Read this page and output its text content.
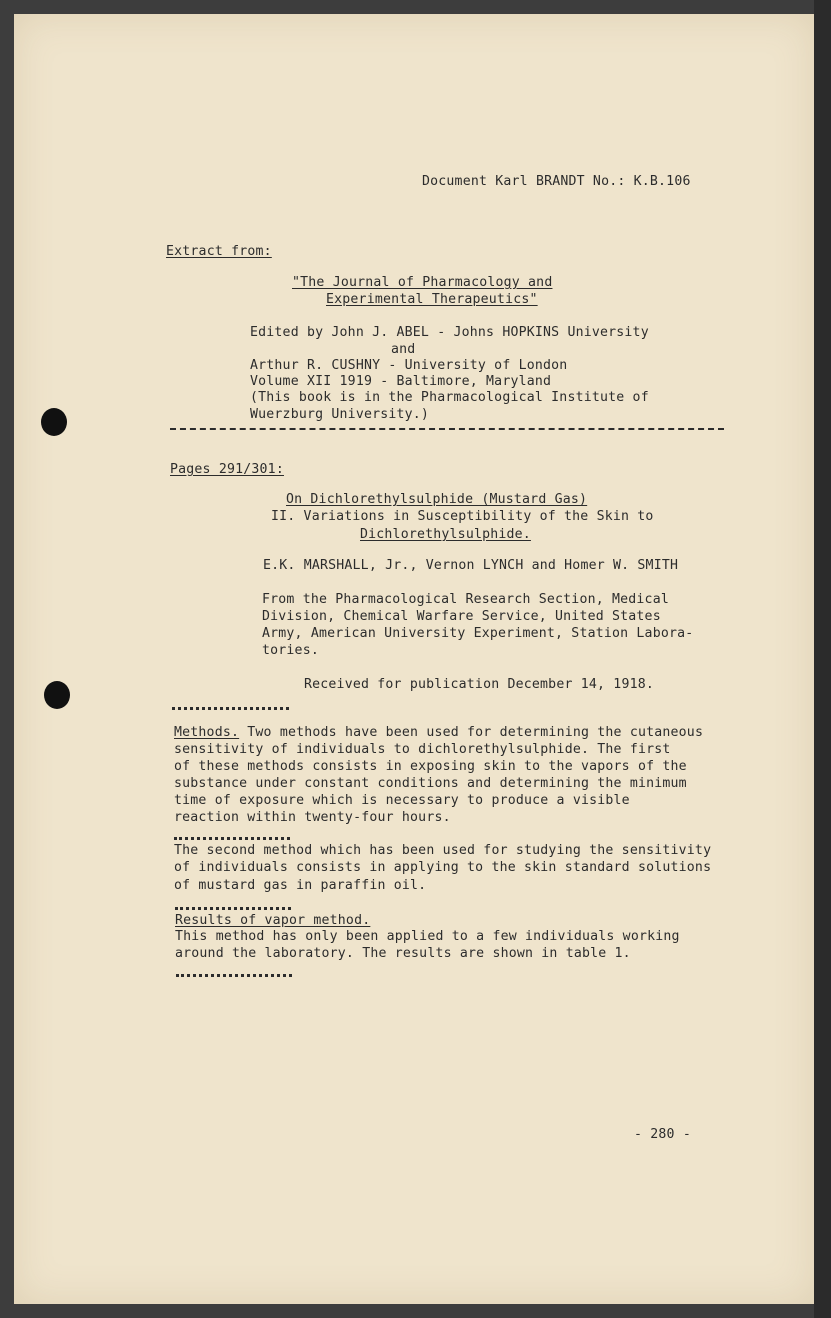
Document Karl BRANDT No.: K.B.106
Extract from:
"The Journal of Pharmacology and
Experimental Therapeutics"
Edited by John J. ABEL - Johns HOPKINS University
and
Arthur R. CUSHNY - University of London
Volume XII 1919 - Baltimore, Maryland
(This book is in the Pharmacological Institute of
Wuerzburg University.)
Pages 291/301:
On Dichlorethylsulphide (Mustard Gas)
II. Variations in Susceptibility of the Skin to
Dichlorethylsulphide.
E.K. MARSHALL, Jr., Vernon LYNCH and Homer W. SMITH
From the Pharmacological Research Section, Medical
Division, Chemical Warfare Service, United States
Army, American University Experiment, Station Labora-
tories.
Received for publication December 14, 1918.
Methods. Two methods have been used for determining the cutaneous
sensitivity of individuals to dichlorethylsulphide. The first
of these methods consists in exposing skin to the vapors of the
substance under constant conditions and determining the minimum
time of exposure which is necessary to produce a visible
reaction within twenty-four hours.
The second method which has been used for studying the sensitivity
of individuals consists in applying to the skin standard solutions
of mustard gas in paraffin oil.
Results of vapor method.
This method has only been applied to a few individuals working
around the laboratory. The results are shown in table 1.
- 280 -
